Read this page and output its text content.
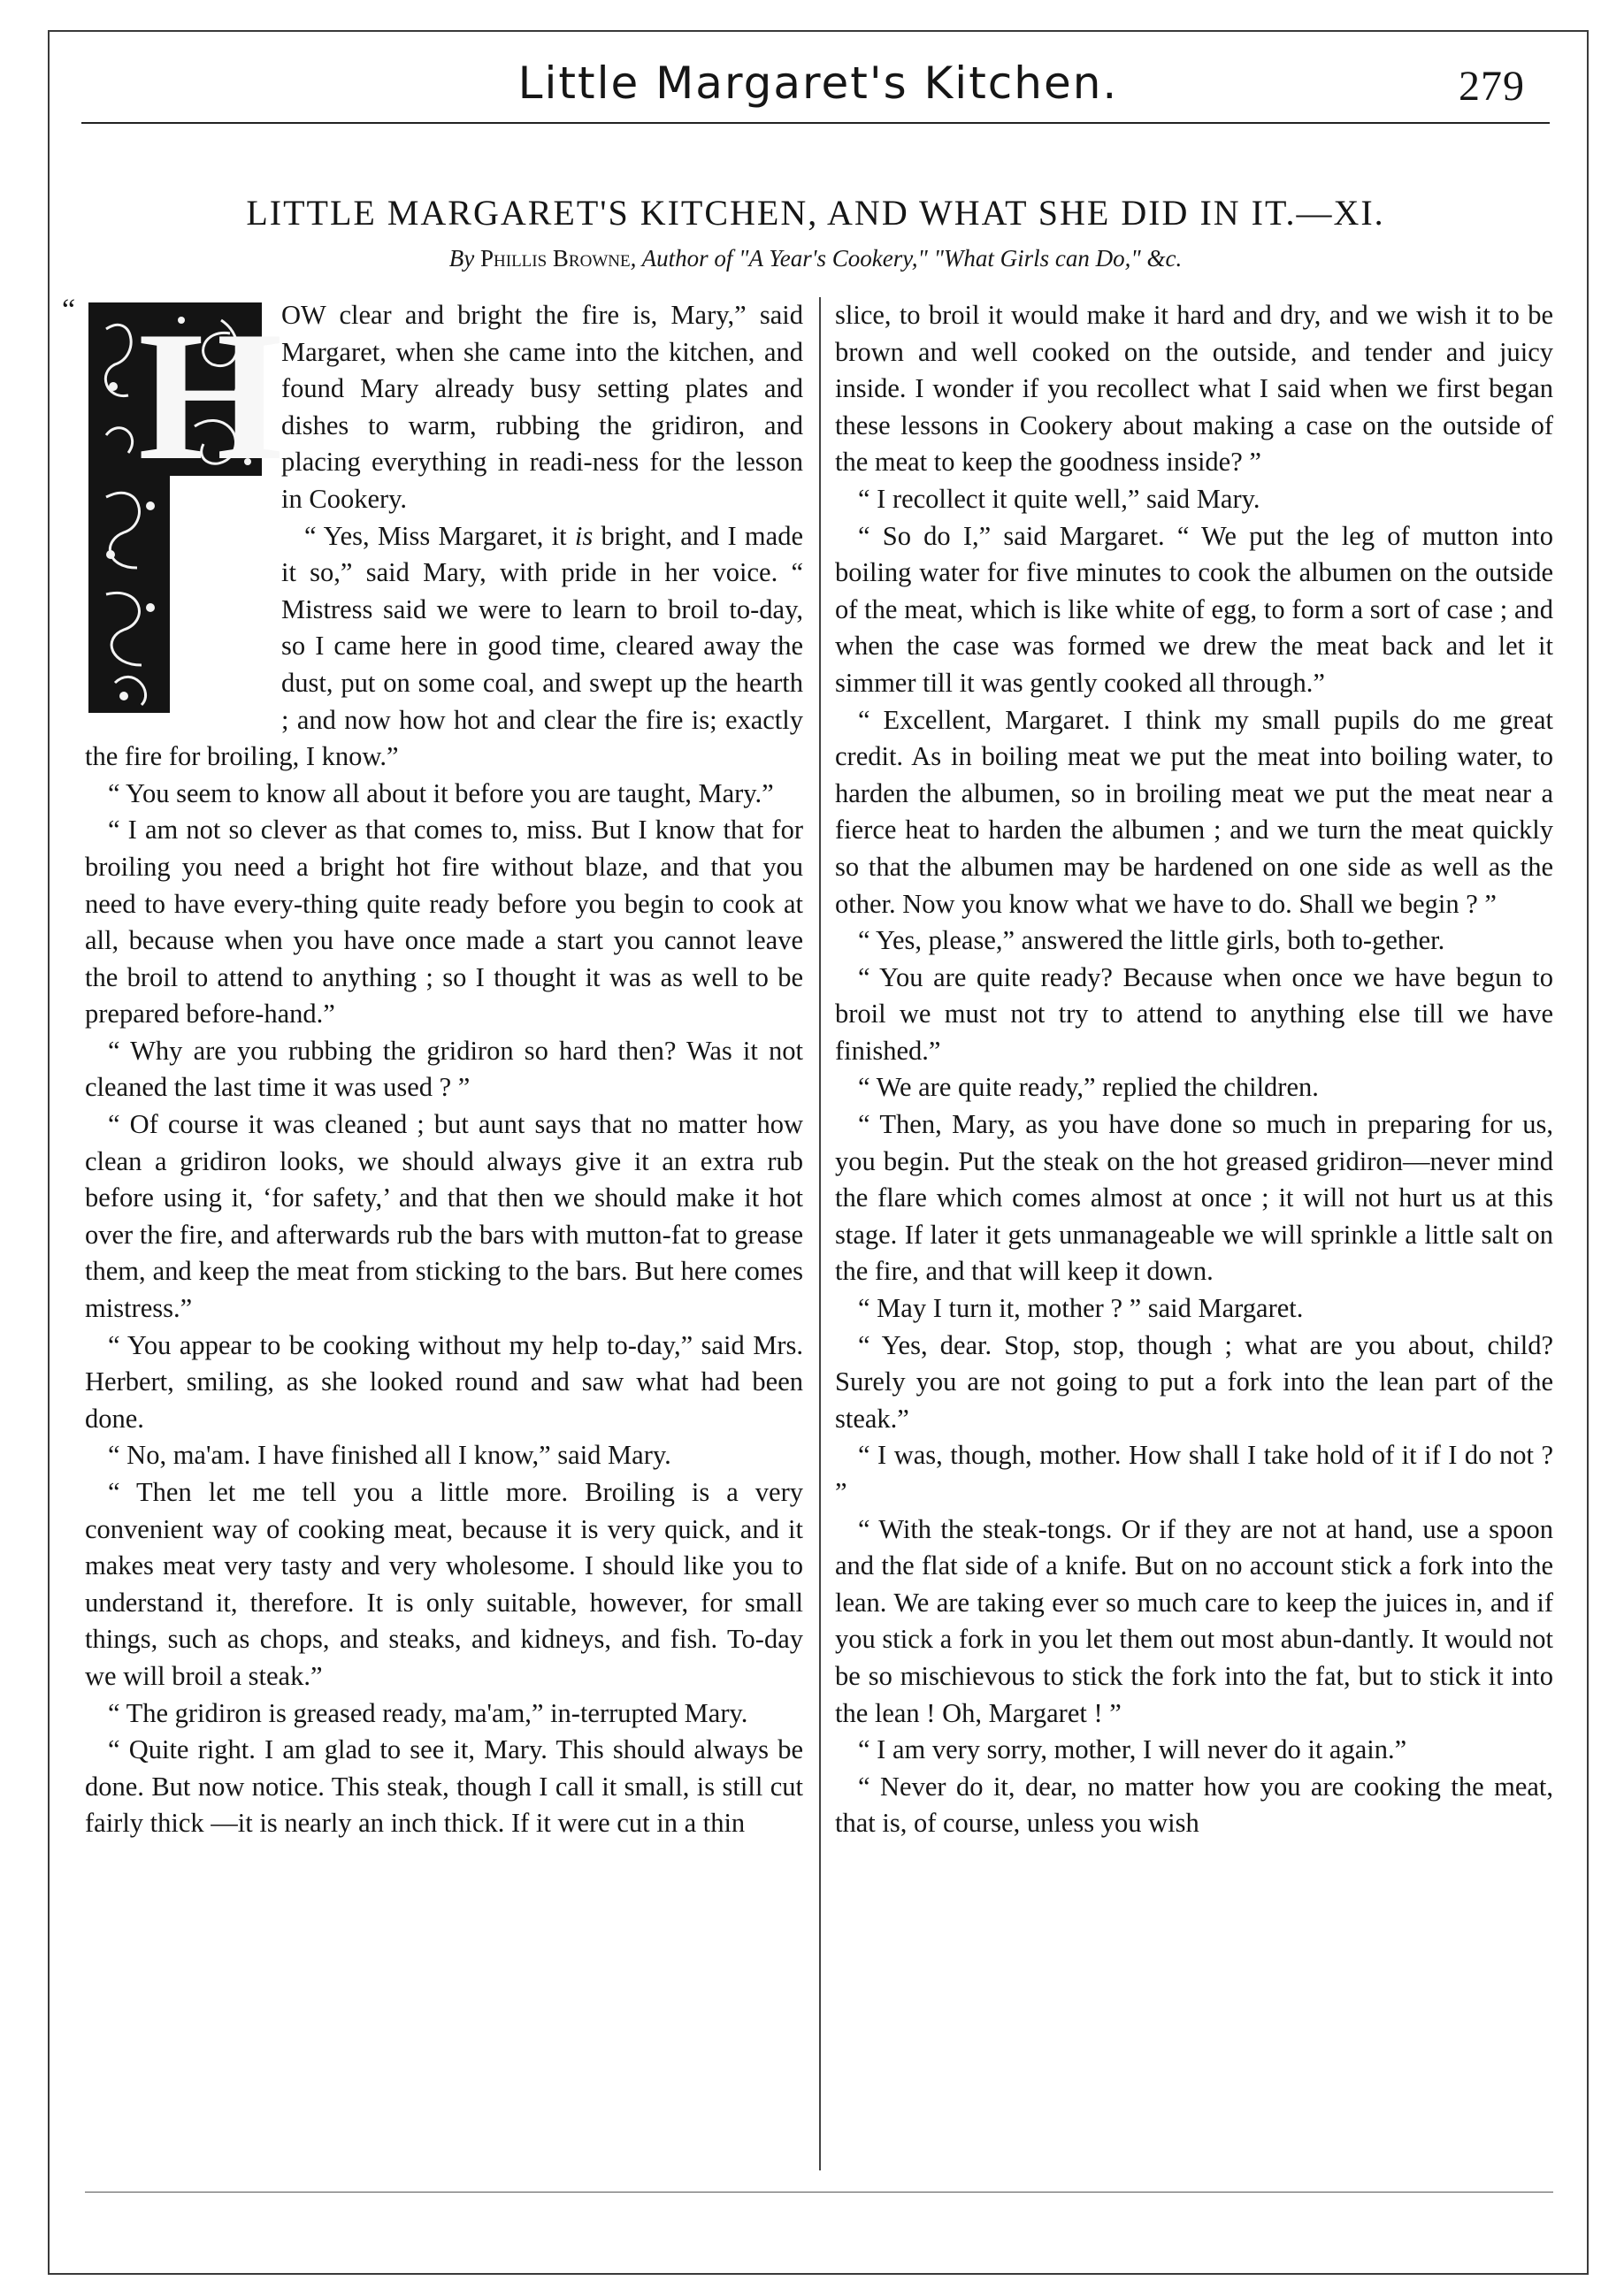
Little Margaret's Kitchen.	279
LITTLE MARGARET'S KITCHEN, AND WHAT SHE DID IN IT.—XI.
By Phillis Browne, Author of "A Year's Cookery," "What Girls can Do," &c.
“ H

OW clear and bright the fire is, Mary,” said Margaret, when she came into the kitchen, and found Mary already busy setting plates and dishes to warm, rubbing the gridiron, and placing everything in readi-ness for the lesson in Cookery.

“ Yes, Miss Margaret, it is bright, and I made it so,” said Mary, with pride in her voice. “ Mistress said we were to learn to broil to-day, so I came here in good time, cleared away the dust, put on some coal, and swept up the hearth ; and now how hot and clear the fire is; exactly the fire for broiling, I know.”

“ You seem to know all about it before you are taught, Mary.”

“ I am not so clever as that comes to, miss. But I know that for broiling you need a bright hot fire without blaze, and that you need to have every-thing quite ready before you begin to cook at all, because when you have once made a start you cannot leave the broil to attend to anything ; so I thought it was as well to be prepared before-hand.”

“ Why are you rubbing the gridiron so hard then? Was it not cleaned the last time it was used ? ”

“ Of course it was cleaned ; but aunt says that no matter how clean a gridiron looks, we should always give it an extra rub before using it, ‘for safety,’ and that then we should make it hot over the fire, and afterwards rub the bars with mutton-fat to grease them, and keep the meat from sticking to the bars. But here comes mistress.”

“ You appear to be cooking without my help to-day,” said Mrs. Herbert, smiling, as she looked round and saw what had been done.

“ No, ma'am. I have finished all I know,” said Mary.

“ Then let me tell you a little more. Broiling is a very convenient way of cooking meat, because it is very quick, and it makes meat very tasty and very wholesome. I should like you to understand it, therefore. It is only suitable, however, for small things, such as chops, and steaks, and kidneys, and fish. To-day we will broil a steak.”

“ The gridiron is greased ready, ma'am,” in-terrupted Mary.

“ Quite right. I am glad to see it, Mary. This should always be done. But now notice. This steak, though I call it small, is still cut fairly thick —it is nearly an inch thick. If it were cut in a thin

slice, to broil it would make it hard and dry, and we wish it to be brown and well cooked on the outside, and tender and juicy inside. I wonder if you recollect what I said when we first began these lessons in Cookery about making a case on the outside of the meat to keep the goodness inside? ”

“ I recollect it quite well,” said Mary.

“ So do I,” said Margaret. “ We put the leg of mutton into boiling water for five minutes to cook the albumen on the outside of the meat, which is like white of egg, to form a sort of case ; and when the case was formed we drew the meat back and let it simmer till it was gently cooked all through.”

“ Excellent, Margaret. I think my small pupils do me great credit. As in boiling meat we put the meat into boiling water, to harden the albumen, so in broiling meat we put the meat near a fierce heat to harden the albumen ; and we turn the meat quickly so that the albumen may be hardened on one side as well as the other. Now you know what we have to do. Shall we begin ? ”

“ Yes, please,” answered the little girls, both to-gether.

“ You are quite ready? Because when once we have begun to broil we must not try to attend to anything else till we have finished.”

“ We are quite ready,” replied the children.

“ Then, Mary, as you have done so much in preparing for us, you begin. Put the steak on the hot greased gridiron—never mind the flare which comes almost at once ; it will not hurt us at this stage. If later it gets unmanageable we will sprinkle a little salt on the fire, and that will keep it down.

“ May I turn it, mother ? ” said Margaret.

“ Yes, dear. Stop, stop, though ; what are you about, child? Surely you are not going to put a fork into the lean part of the steak.”

“ I was, though, mother. How shall I take hold of it if I do not ? ”

“ With the steak-tongs. Or if they are not at hand, use a spoon and the flat side of a knife. But on no account stick a fork into the lean. We are taking ever so much care to keep the juices in, and if you stick a fork in you let them out most abun-dantly. It would not be so mischievous to stick the fork into the fat, but to stick it into the lean ! Oh, Margaret ! ”

“ I am very sorry, mother, I will never do it again.”

“ Never do it, dear, no matter how you are cooking the meat, that is, of course, unless you wish
